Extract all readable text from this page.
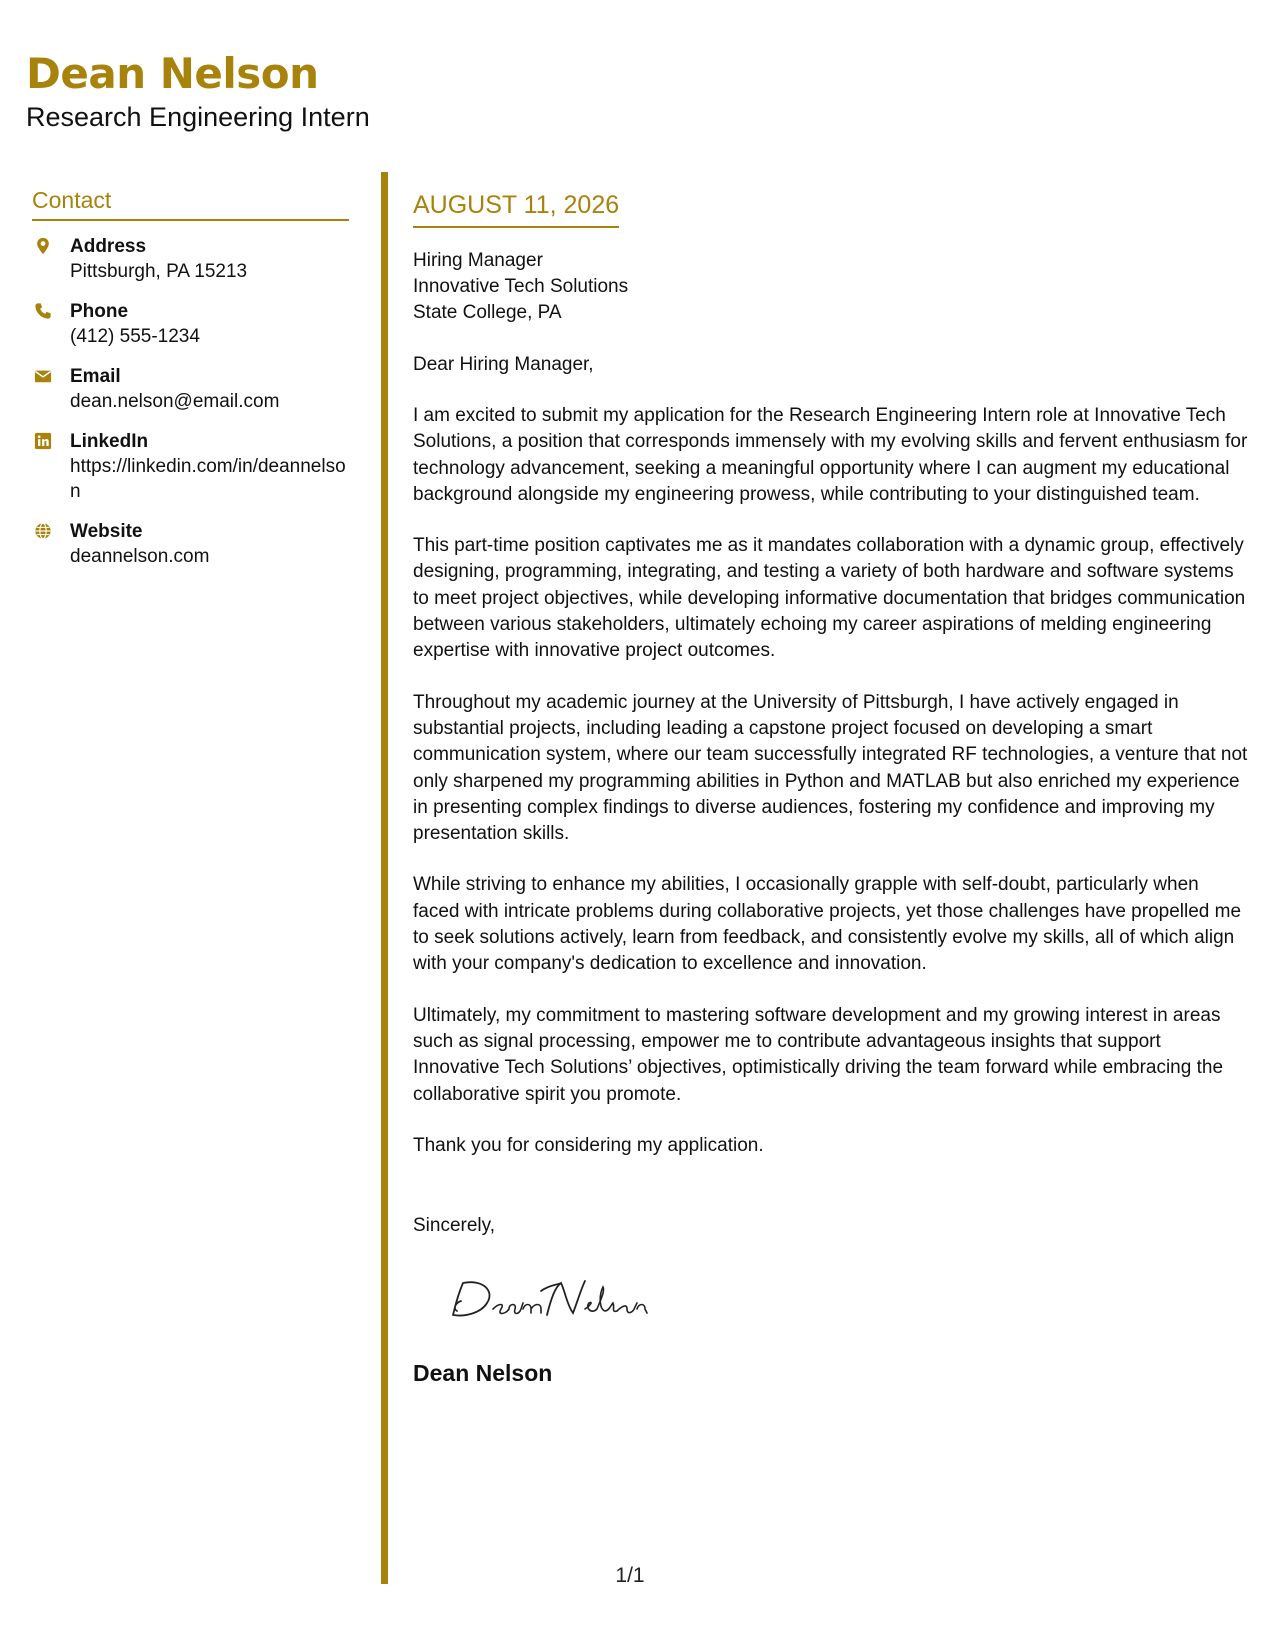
Dean Nelson
Research Engineering Intern
Contact
Address
Pittsburgh, PA 15213
Phone
(412) 555-1234
Email
dean.nelson@email.com
LinkedIn
https://linkedin.com/in/deannelson
Website
deannelson.com
AUGUST 11, 2026
Hiring Manager
Innovative Tech Solutions
State College, PA
Dear Hiring Manager,
I am excited to submit my application for the Research Engineering Intern role at Innovative Tech Solutions, a position that corresponds immensely with my evolving skills and fervent enthusiasm for technology advancement, seeking a meaningful opportunity where I can augment my educational background alongside my engineering prowess, while contributing to your distinguished team.
This part-time position captivates me as it mandates collaboration with a dynamic group, effectively designing, programming, integrating, and testing a variety of both hardware and software systems to meet project objectives, while developing informative documentation that bridges communication between various stakeholders, ultimately echoing my career aspirations of melding engineering expertise with innovative project outcomes.
Throughout my academic journey at the University of Pittsburgh, I have actively engaged in substantial projects, including leading a capstone project focused on developing a smart communication system, where our team successfully integrated RF technologies, a venture that not only sharpened my programming abilities in Python and MATLAB but also enriched my experience in presenting complex findings to diverse audiences, fostering my confidence and improving my presentation skills.
While striving to enhance my abilities, I occasionally grapple with self-doubt, particularly when faced with intricate problems during collaborative projects, yet those challenges have propelled me to seek solutions actively, learn from feedback, and consistently evolve my skills, all of which align with your company's dedication to excellence and innovation.
Ultimately, my commitment to mastering software development and my growing interest in areas such as signal processing, empower me to contribute advantageous insights that support Innovative Tech Solutions’ objectives, optimistically driving the team forward while embracing the collaborative spirit you promote.
Thank you for considering my application.
Sincerely,
Dean Nelson
1/1
